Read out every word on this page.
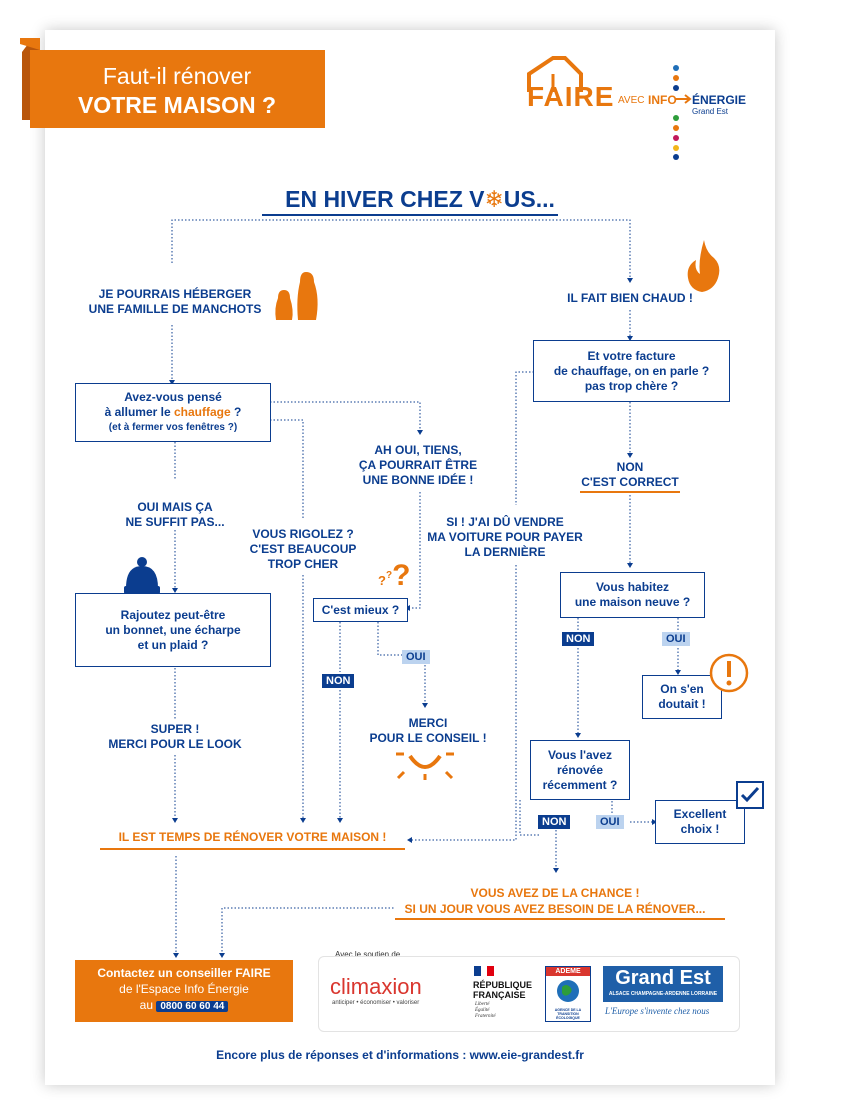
Faut-il rénover
VOTRE MAISON ?	FAIRE AVEC INFO ÉNERGIE
Grand Est
EN HIVER CHEZ V❄US...
JE POURRAIS HÉBERGER
UNE FAMILLE DE MANCHOTS
Avez-vous pensé
à allumer le chauffage ?
(et à fermer vos fenêtres ?)
OUI MAIS ÇA
NE SUFFIT PAS...
Rajoutez peut-être
un bonnet, une écharpe
et un plaid ?
SUPER !
MERCI POUR LE LOOK
AH OUI, TIENS,
ÇA POURRAIT ÊTRE
UNE BONNE IDÉE !
VOUS RIGOLEZ ?
C'EST BEAUCOUP
TROP CHER
???
C'est mieux ?
NON
OUI
MERCI
POUR LE CONSEIL !
SI ! J'AI DÛ VENDRE
MA VOITURE POUR PAYER
LA DERNIÈRE
IL FAIT BIEN CHAUD !
Et votre facture
de chauffage, on en parle ?
pas trop chère ?
NON
C'EST CORRECT
Vous habitez
une maison neuve ?
NON	OUI
On s'en
doutait !
Vous l'avez
rénovée
récemment ?
NON	OUI
Excellent
choix !
IL EST TEMPS DE RÉNOVER VOTRE MAISON !
VOUS AVEZ DE LA CHANCE !
SI UN JOUR VOUS AVEZ BESOIN DE LA RÉNOVER...
Contactez un conseiller FAIRE
de l'Espace Info Énergie
au 0800 60 60 44
Avec le soutien de
climaxion
anticiper • économiser • valoriser
RÉPUBLIQUE
FRANÇAISE
Liberté
Égalité
Fraternité
ADEME
AGENCE DE LA TRANSITION ÉCOLOGIQUE
Grand Est
ALSACE CHAMPAGNE-ARDENNE LORRAINE
L'Europe s'invente chez nous
Encore plus de réponses et d'informations : www.eie-grandest.fr
